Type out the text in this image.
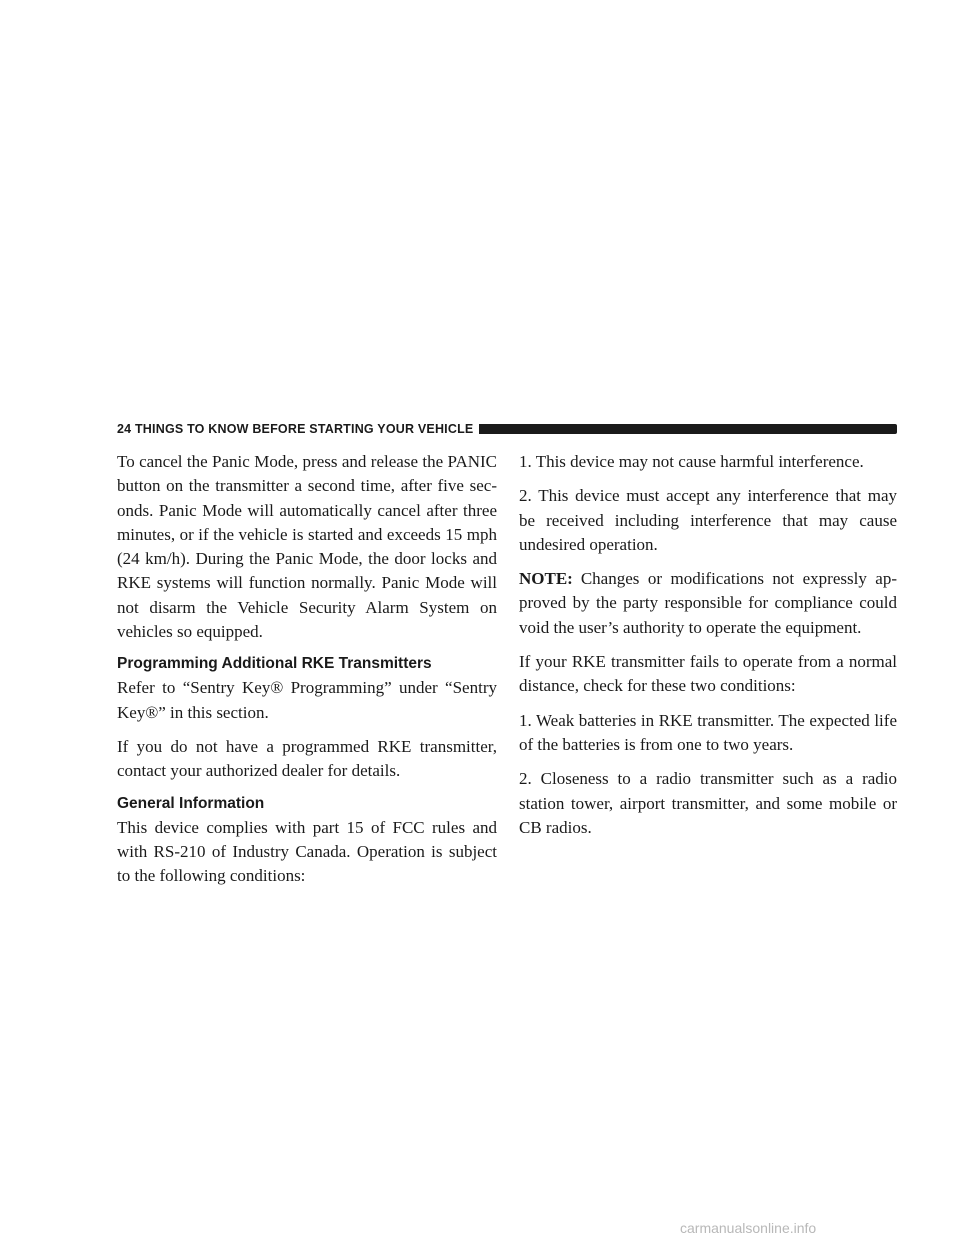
24 THINGS TO KNOW BEFORE STARTING YOUR VEHICLE

To cancel the Panic Mode, press and release the PANIC button on the transmitter a second time, after five seconds. Panic Mode will automatically cancel after three minutes, or if the vehicle is started and exceeds 15 mph (24 km/h). During the Panic Mode, the door locks and RKE systems will function normally. Panic Mode will not disarm the Vehicle Security Alarm System on vehicles so equipped.

Programming Additional RKE Transmitters

Refer to “Sentry Key® Programming” under “Sentry Key®” in this section.

If you do not have a programmed RKE transmitter, contact your authorized dealer for details.

General Information

This device complies with part 15 of FCC rules and with RS-210 of Industry Canada. Operation is subject to the following conditions:

1. This device may not cause harmful interference.

2. This device must accept any interference that may be received including interference that may cause undesired operation.

NOTE: Changes or modifications not expressly approved by the party responsible for compliance could void the user’s authority to operate the equipment.

If your RKE transmitter fails to operate from a normal distance, check for these two conditions:

1. Weak batteries in RKE transmitter. The expected life of the batteries is from one to two years.

2. Closeness to a radio transmitter such as a radio station tower, airport transmitter, and some mobile or CB radios.

carmanualsonline.info
